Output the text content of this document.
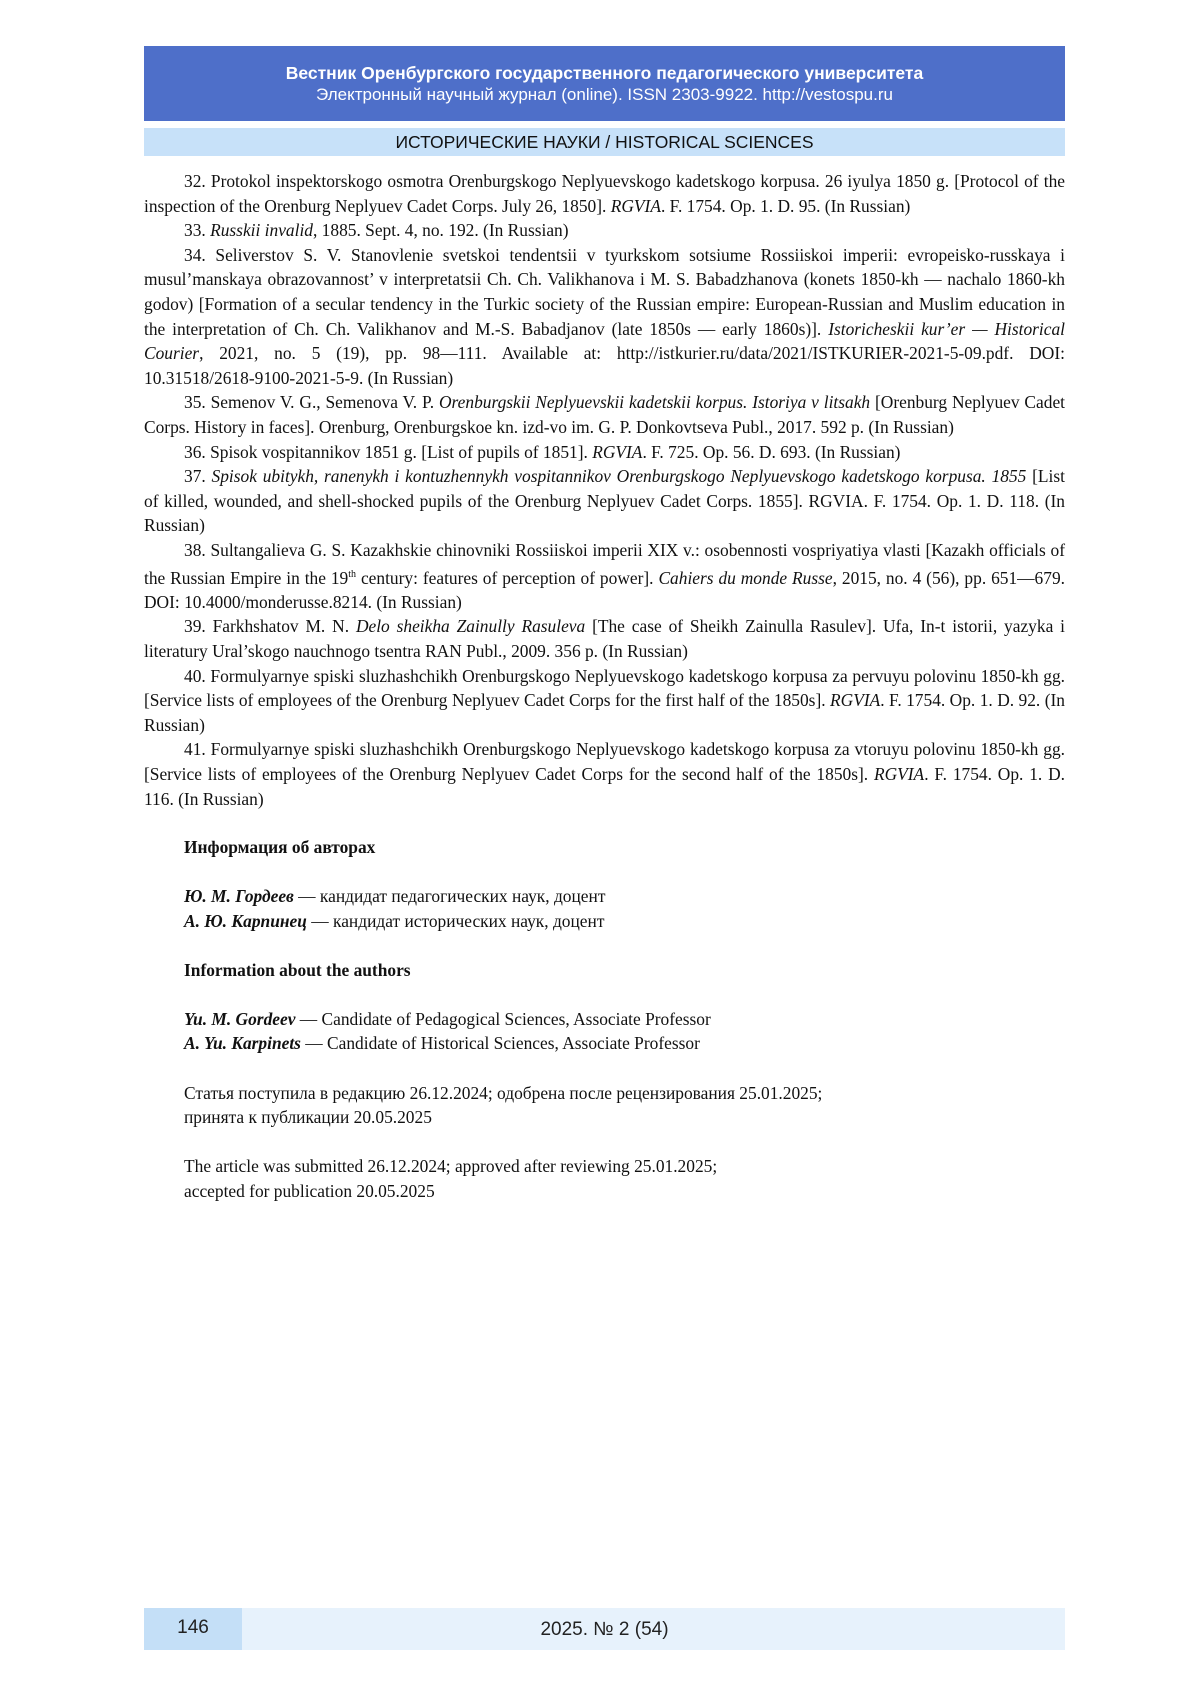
Вестник Оренбургского государственного педагогического университета
Электронный научный журнал (online). ISSN 2303-9922. http://vestospu.ru
ИСТОРИЧЕСКИЕ НАУКИ / HISTORICAL SCIENCES

32. Protokol inspektorskogo osmotra Orenburgskogo Neplyuevskogo kadetskogo korpusa. 26 iyulya 1850 g. [Protocol of the inspection of the Orenburg Neplyuev Cadet Corps. July 26, 1850]. RGVIA. F. 1754. Op. 1. D. 95. (In Russian)

33. Russkii invalid, 1885. Sept. 4, no. 192. (In Russian)

34. Seliverstov S. V. Stanovlenie svetskoi tendentsii v tyurkskom sotsiume Rossiiskoi imperii: evropeisko-russkaya i musul’manskaya obrazovannost’ v interpretatsii Ch. Ch. Valikhanova i M. S. Babadzhanova (konets 1850-kh — nachalo 1860-kh godov) [Formation of a secular tendency in the Turkic society of the Russian empire: European-Russian and Muslim education in the interpretation of Ch. Ch. Valikhanov and M.-S. Babadjanov (late 1850s — early 1860s)]. Istoricheskii kur’er — Historical Courier, 2021, no. 5 (19), pp. 98—111. Available at: http://istkurier.ru/data/2021/ISTKURIER-2021-5-09.pdf. DOI: 10.31518/2618-9100-2021-5-9. (In Russian)

35. Semenov V. G., Semenova V. P. Orenburgskii Neplyuevskii kadetskii korpus. Istoriya v litsakh [Orenburg Neplyuev Cadet Corps. History in faces]. Orenburg, Orenburgskoe kn. izd-vo im. G. P. Donkovtseva Publ., 2017. 592 p. (In Russian)

36. Spisok vospitannikov 1851 g. [List of pupils of 1851]. RGVIA. F. 725. Op. 56. D. 693. (In Russian)

37. Spisok ubitykh, ranenykh i kontuzhennykh vospitannikov Orenburgskogo Neplyuevskogo kadetskogo korpusa. 1855 [List of killed, wounded, and shell-shocked pupils of the Orenburg Neplyuev Cadet Corps. 1855]. RGVIA. F. 1754. Op. 1. D. 118. (In Russian)

38. Sultangalieva G. S. Kazakhskie chinovniki Rossiiskoi imperii XIX v.: osobennosti vospriyatiya vlasti [Kazakh officials of the Russian Empire in the 19th century: features of perception of power]. Cahiers du monde Russe, 2015, no. 4 (56), pp. 651—679. DOI: 10.4000/monderusse.8214. (In Russian)

39. Farkhshatov M. N. Delo sheikha Zainully Rasuleva [The case of Sheikh Zainulla Rasulev]. Ufa, In-t istorii, yazyka i literatury Ural’skogo nauchnogo tsentra RAN Publ., 2009. 356 p. (In Russian)

40. Formulyarnye spiski sluzhashchikh Orenburgskogo Neplyuevskogo kadetskogo korpusa za pervuyu polovinu 1850-kh gg. [Service lists of employees of the Orenburg Neplyuev Cadet Corps for the first half of the 1850s]. RGVIA. F. 1754. Op. 1. D. 92. (In Russian)

41. Formulyarnye spiski sluzhashchikh Orenburgskogo Neplyuevskogo kadetskogo korpusa za vtoruyu polovinu 1850-kh gg. [Service lists of employees of the Orenburg Neplyuev Cadet Corps for the second half of the 1850s]. RGVIA. F. 1754. Op. 1. D. 116. (In Russian)

Информация об авторах
Ю. М. Гордеев — кандидат педагогических наук, доцент
А. Ю. Карпинец — кандидат исторических наук, доцент
Information about the authors
Yu. M. Gordeev — Candidate of Pedagogical Sciences, Associate Professor
A. Yu. Karpinets — Candidate of Historical Sciences, Associate Professor
Статья поступила в редакцию 26.12.2024; одобрена после рецензирования 25.01.2025;
принята к публикации 20.05.2025
The article was submitted 26.12.2024; approved after reviewing 25.01.2025;
accepted for publication 20.05.2025
2025. № 2 (54)
146
